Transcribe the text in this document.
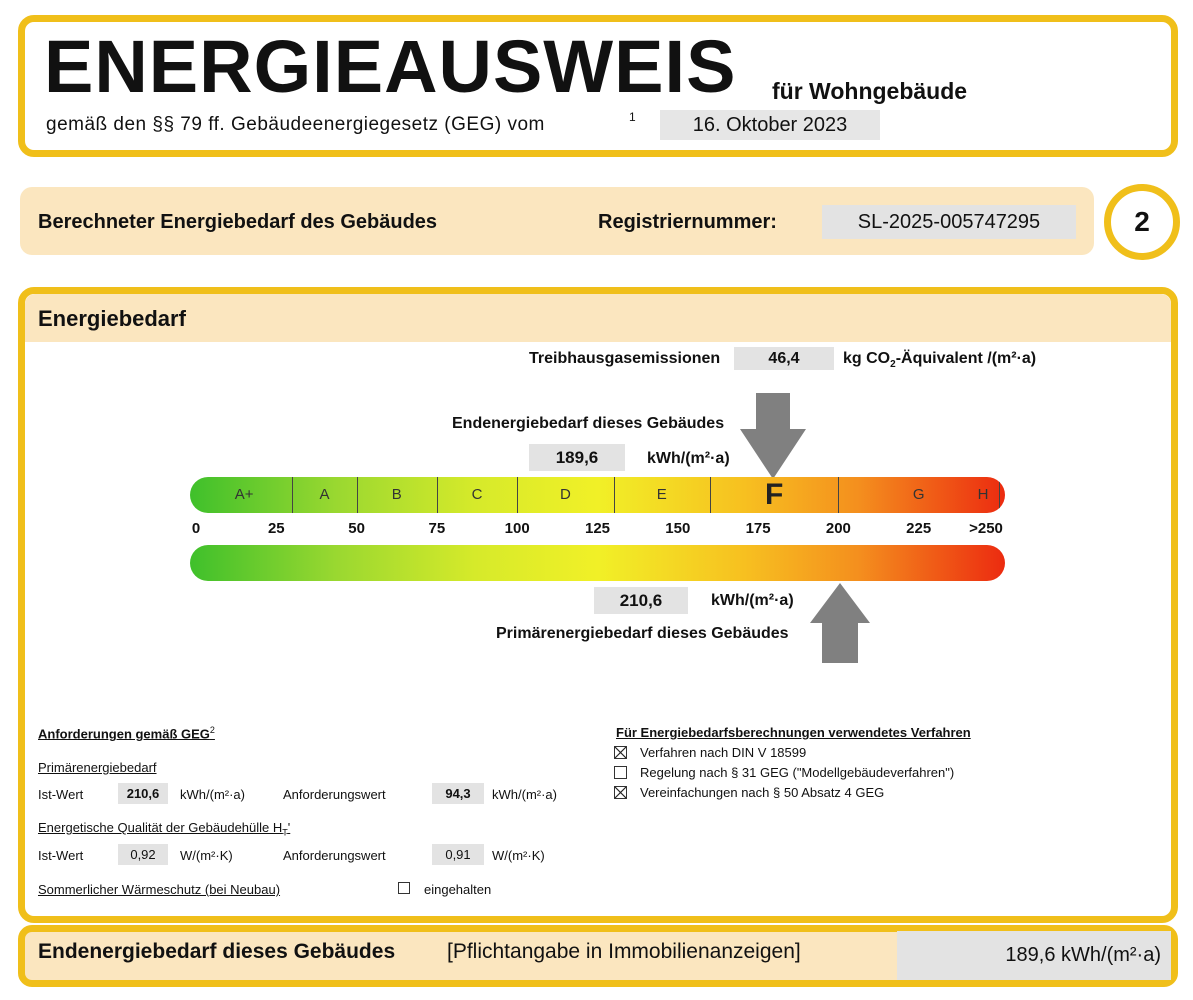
ENERGIEAUSWEIS für Wohngebäude
gemäß den §§ 79 ff. Gebäudeenergiegesetz (GEG) vom	1	16. Oktober 2023
Berechneter Energiebedarf des Gebäudes	Registriernummer:	SL-2025-005747295	2
Energiebedarf
Treibhausgasemissionen	46,4	kg $CO_2$-Äquivalent /(m²·a)
Endenergiebedarf dieses Gebäudes
189,6	kWh/(m²·a)
A+	A	B	C	D	E	F	G	H
0	25	50	75	100	125	150	175	200	225	>250
210,6	kWh/(m²·a)
Primärenergiebedarf dieses Gebäudes
Anforderungen gemäß GEG$^2$
Primärenergiebedarf
Ist-Wert	210,6	kWh/(m²·a)	Anforderungswert	94,3	kWh/(m²·a)
Energetische Qualität der Gebäudehülle $H_T'$
Ist-Wert	0,92	W/(m²·K)	Anforderungswert	0,91	W/(m²·K)
Sommerlicher Wärmeschutz (bei Neubau)	eingehalten
Für Energiebedarfsberechnungen verwendetes Verfahren
Verfahren nach DIN V 18599
Regelung nach § 31 GEG ("Modellgebäudeverfahren")
Vereinfachungen nach § 50 Absatz 4 GEG
Endenergiebedarf dieses Gebäudes [Pflichtangabe in Immobilienanzeigen]	189,6 kWh/(m²·a)
